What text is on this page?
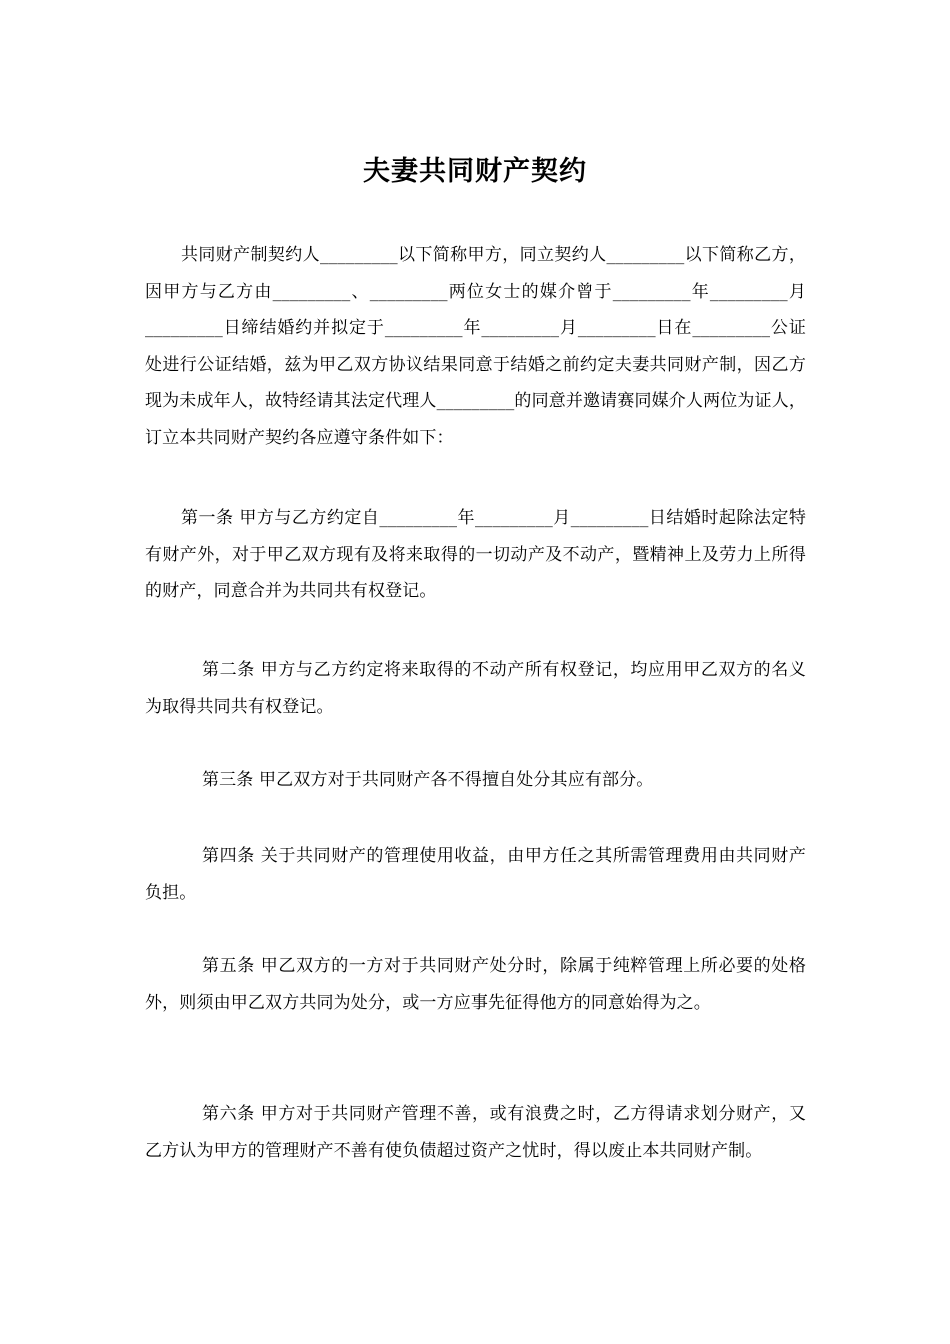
夫妻共同财产契约
共同财产制契约人_________以下简称甲方，同立契约人_________以下简称乙方，因甲方与乙方由_________、_________两位女士的媒介曾于_________年_________月_________日缔结婚约并拟定于_________年_________月_________日在_________公证处进行公证结婚，兹为甲乙双方协议结果同意于结婚之前约定夫妻共同财产制，因乙方现为未成年人，故特经请其法定代理人_________的同意并邀请赛同媒介人两位为证人，订立本共同财产契约各应遵守条件如下：
第一条 甲方与乙方约定自_________年_________月_________日结婚时起除法定特有财产外，对于甲乙双方现有及将来取得的一切动产及不动产，暨精神上及劳力上所得的财产，同意合并为共同共有权登记。
第二条 甲方与乙方约定将来取得的不动产所有权登记，均应用甲乙双方的名义为取得共同共有权登记。
第三条 甲乙双方对于共同财产各不得擅自处分其应有部分。
第四条 关于共同财产的管理使用收益，由甲方任之其所需管理费用由共同财产负担。
第五条 甲乙双方的一方对于共同财产处分时，除属于纯粹管理上所必要的处格外，则须由甲乙双方共同为处分，或一方应事先征得他方的同意始得为之。
第六条 甲方对于共同财产管理不善，或有浪费之时，乙方得请求划分财产，又乙方认为甲方的管理财产不善有使负债超过资产之忧时，得以废止本共同财产制。
